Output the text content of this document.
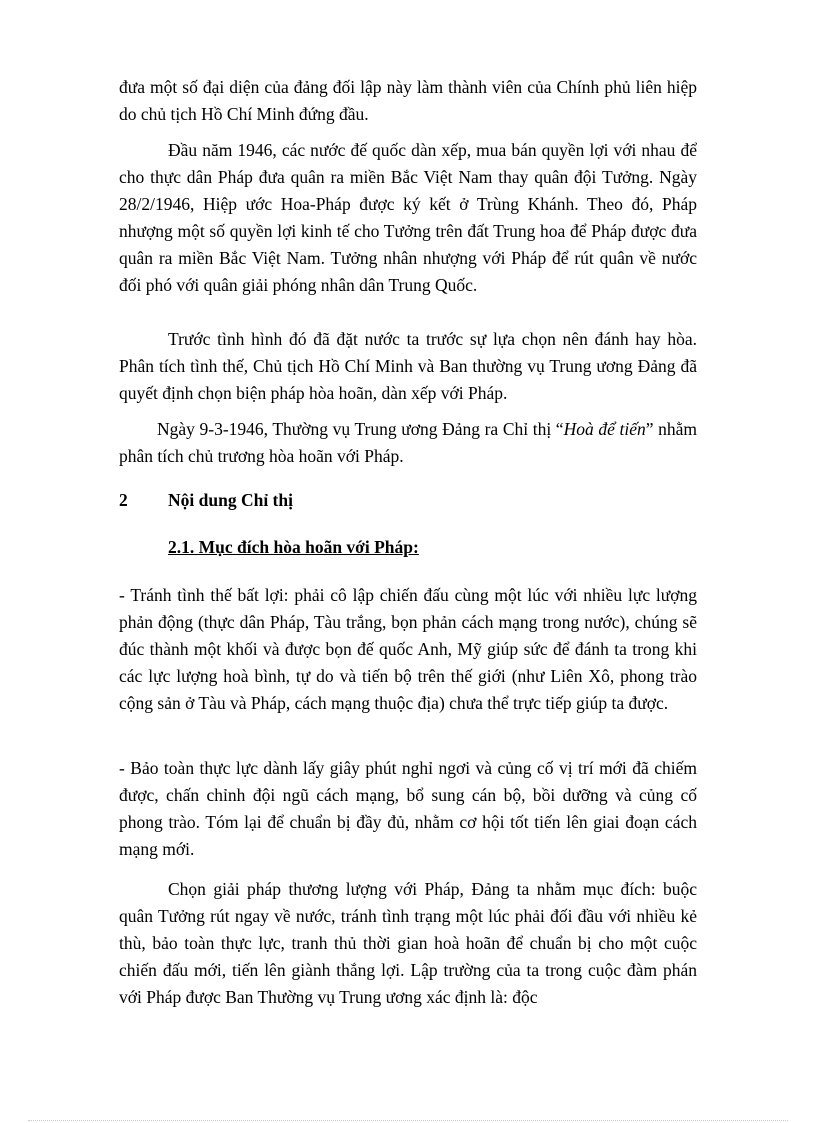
đưa một số đại diện của đảng đối lập này làm thành viên của Chính phủ liên hiệp do chủ tịch Hồ Chí Minh đứng đầu.

Đầu năm 1946, các nước đế quốc dàn xếp, mua bán quyền lợi với nhau để cho thực dân Pháp đưa quân ra miền Bắc Việt Nam thay quân đội Tưởng. Ngày 28/2/1946, Hiệp ước Hoa-Pháp được ký kết ở Trùng Khánh. Theo đó, Pháp nhượng một số quyền lợi kinh tế cho Tưởng trên đất Trung hoa để Pháp được đưa quân ra miền Bắc Việt Nam. Tưởng nhân nhượng với Pháp để rút quân về nước đối phó với quân giải phóng nhân dân Trung Quốc.

Trước tình hình đó đã đặt nước ta trước sự lựa chọn nên đánh hay hòa. Phân tích tình thế, Chủ tịch Hồ Chí Minh và Ban thường vụ Trung ương Đảng đã quyết định chọn biện pháp hòa hoãn, dàn xếp với Pháp.

Ngày 9-3-1946, Thường vụ Trung ương Đảng ra Chỉ thị “Hoà để tiến” nhằm phân tích chủ trương hòa hoãn với Pháp.

2 Nội dung Chỉ thị

2.1. Mục đích hòa hoãn với Pháp:

- Tránh tình thế bất lợi: phải cô lập chiến đấu cùng một lúc với nhiều lực lượng phản động (thực dân Pháp, Tàu trắng, bọn phản cách mạng trong nước), chúng sẽ đúc thành một khối và được bọn đế quốc Anh, Mỹ giúp sức để đánh ta trong khi các lực lượng hoà bình, tự do và tiến bộ trên thế giới (như Liên Xô, phong trào cộng sản ở Tàu và Pháp, cách mạng thuộc địa) chưa thể trực tiếp giúp ta được.

- Bảo toàn thực lực dành lấy giây phút nghỉ ngơi và củng cố vị trí mới đã chiếm được, chấn chỉnh đội ngũ cách mạng, bổ sung cán bộ, bồi dưỡng và củng cố phong trào. Tóm lại để chuẩn bị đầy đủ, nhằm cơ hội tốt tiến lên giai đoạn cách mạng mới.

Chọn giải pháp thương lượng với Pháp, Đảng ta nhằm mục đích: buộc quân Tưởng rút ngay về nước, tránh tình trạng một lúc phải đối đầu với nhiều kẻ thù, bảo toàn thực lực, tranh thủ thời gian hoà hoãn để chuẩn bị cho một cuộc chiến đấu mới, tiến lên giành thắng lợi. Lập trường của ta trong cuộc đàm phán với Pháp được Ban Thường vụ Trung ương xác định là: độc
